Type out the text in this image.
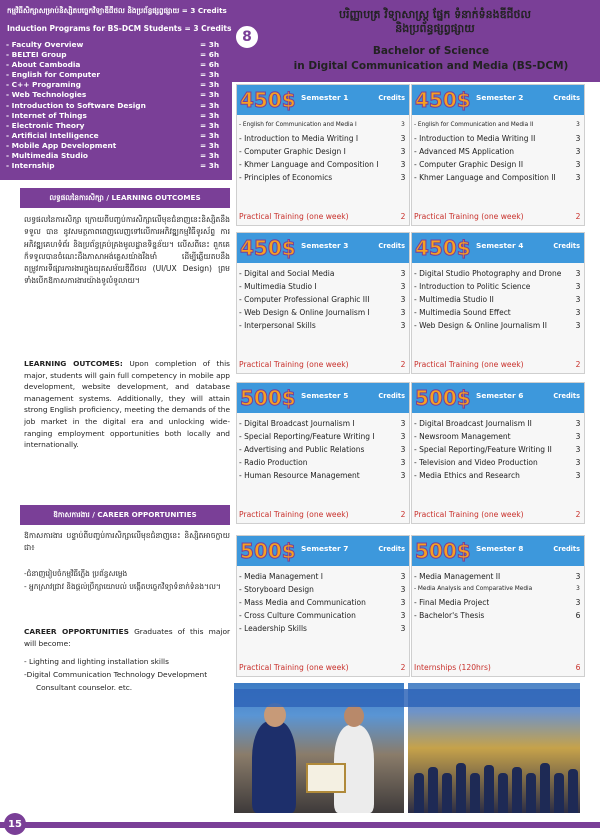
កម្មវិធីសិក្សាសម្រាប់និស្សិតបច្ចេកវិទ្យាឌីជីថល និងប្រព័ន្ធផ្សព្វផ្សាយ = 3 Credits
Induction Programs for BS-DCM Students = 3 Credits
- Faculty Overview	= 3h
- BELTEI Group	= 6h
- About Cambodia	= 6h
- English for Computer	= 3h
- C++ Programing	= 3h
- Web Technologies	= 3h
- Introduction to Software Design	= 3h
- Internet of Things	= 3h
- Electronic Theory	= 3h
- Artificial Intelligence	= 3h
- Mobile App Development	= 3h
- Multimedia Studio	= 3h
- Internship	= 3h
8
បរិញ្ញាបត្រ វិទ្យាសាស្ត្រ ផ្នែក ទំនាក់ទំនងឌីជីថល
និងប្រព័ន្ធផ្សព្វផ្សាយ
Bachelor of Science
in Digital Communication and Media (BS-DCM)
លទ្ធផលនៃការសិក្សា / LEARNING OUTCOMES
លទ្ធផលនៃការសិក្សា ក្រោយពីបញ្ចប់ការសិក្សាលើមុខជំនាញនេះនិស្សិតនឹង ទទួល បាន នូវសមត្ថភាពពេញលេញទៅលើការអភិវឌ្ឍកម្មវិធីទូរស័ព្ទ ការអភិវឌ្ឍគេហទំព័រ និងប្រព័ន្ធគ្រប់គ្រងមូលដ្ឋានទិន្នន័យ។ លើសពីនេះ ពួកគេក៏ទទួលបានចំណេះដឹងភាសាអង់គ្លេសយ៉ាងរឹងមាំ ដើម្បីឆ្លើយតបនឹងតម្រូវការទីផ្សារការងារក្នុងយុគសម័យឌីជីថល (UI/UX Design) ព្រមទាំងបើកឱកាសការងារយ៉ាងទូលំទូលាយ។
LEARNING OUTCOMES: Upon completion of this major, students will gain full competency in mobile app development, website development, and database management systems. Additionally, they will attain strong English proficiency, meeting the demands of the job market in the digital era and unlocking wide-ranging employment opportunities both locally and internationally.
ឱកាសការងារ / CAREER OPPORTUNITIES
ឱកាសការងារ បន្ទាប់ពីបញ្ចប់ការសិក្សាលើមុខជំនាញនេះ និស្សិតអាចក្លាយជា៖
-ជំនាញរៀបចំកម្មវិធីភ្លើង ប្រព័ន្ធសម្លេង
- អ្នកស្រាវជ្រាវ និងផ្តល់ប្រឹក្សាយោបល់ បង្កើតបច្ចេកវិទ្យាទំនាក់ទំនង។ល។
CAREER OPPORTUNITIES Graduates of this major will become:
- Lighting and lighting installation skills
-Digital Communication Technology Development
Consultant counselor. etc.
450$ Semester 1	Credits
- English for Communication and Media I	3
- Introduction to Media Writing I	3
- Computer Graphic Design I	3
- Khmer Language and Composition I	3
- Principles of Economics	3
Practical Training (one week)	2
450$ Semester 2	Credits
- English for Communication and Media II	3
- Introduction to Media Writing II	3
- Advanced MS Application	3
- Computer Graphic Design II	3
- Khmer Language and Composition II	3
Practical Training (one week)	2
450$ Semester 3	Credits
- Digital and Social Media	3
- Multimedia Studio I	3
- Computer Professional Graphic III	3
- Web Design & Online Journalism I	3
- Interpersonal Skills	3
Practical Training (one week)	2
450$ Semester 4	Credits
- Digital Studio Photography and Drone	3
- Introduction to Politic Science	3
- Multimedia Studio II	3
- Multimedia Sound Effect	3
- Web Design & Online Journalism II	3
Practical Training (one week)	2
500$ Semester 5	Credits
- Digital Broadcast Journalism I	3
- Special Reporting/Feature Writing I	3
- Advertising and Public Relations	3
- Radio Production	3
- Human Resource Management	3
Practical Training (one week)	2
500$ Semester 6	Credits
- Digital Broadcast Journalism II	3
- Newsroom Management	3
- Special Reporting/Feature Writing II	3
- Television and Video Production	3
- Media Ethics and Research	3
Practical Training (one week)	2
500$ Semester 7	Credits
- Media Management I	3
- Storyboard Design	3
- Mass Media and Communication	3
- Cross Culture Communication	3
- Leadership Skills	3
Practical Training (one week)	2
500$ Semester 8	Credits
- Media Management II	3
- Media Analysis and Comparative Media	3
- Final Media Project	3
- Bachelor's Thesis	6
Internships (120hrs)	6
15
